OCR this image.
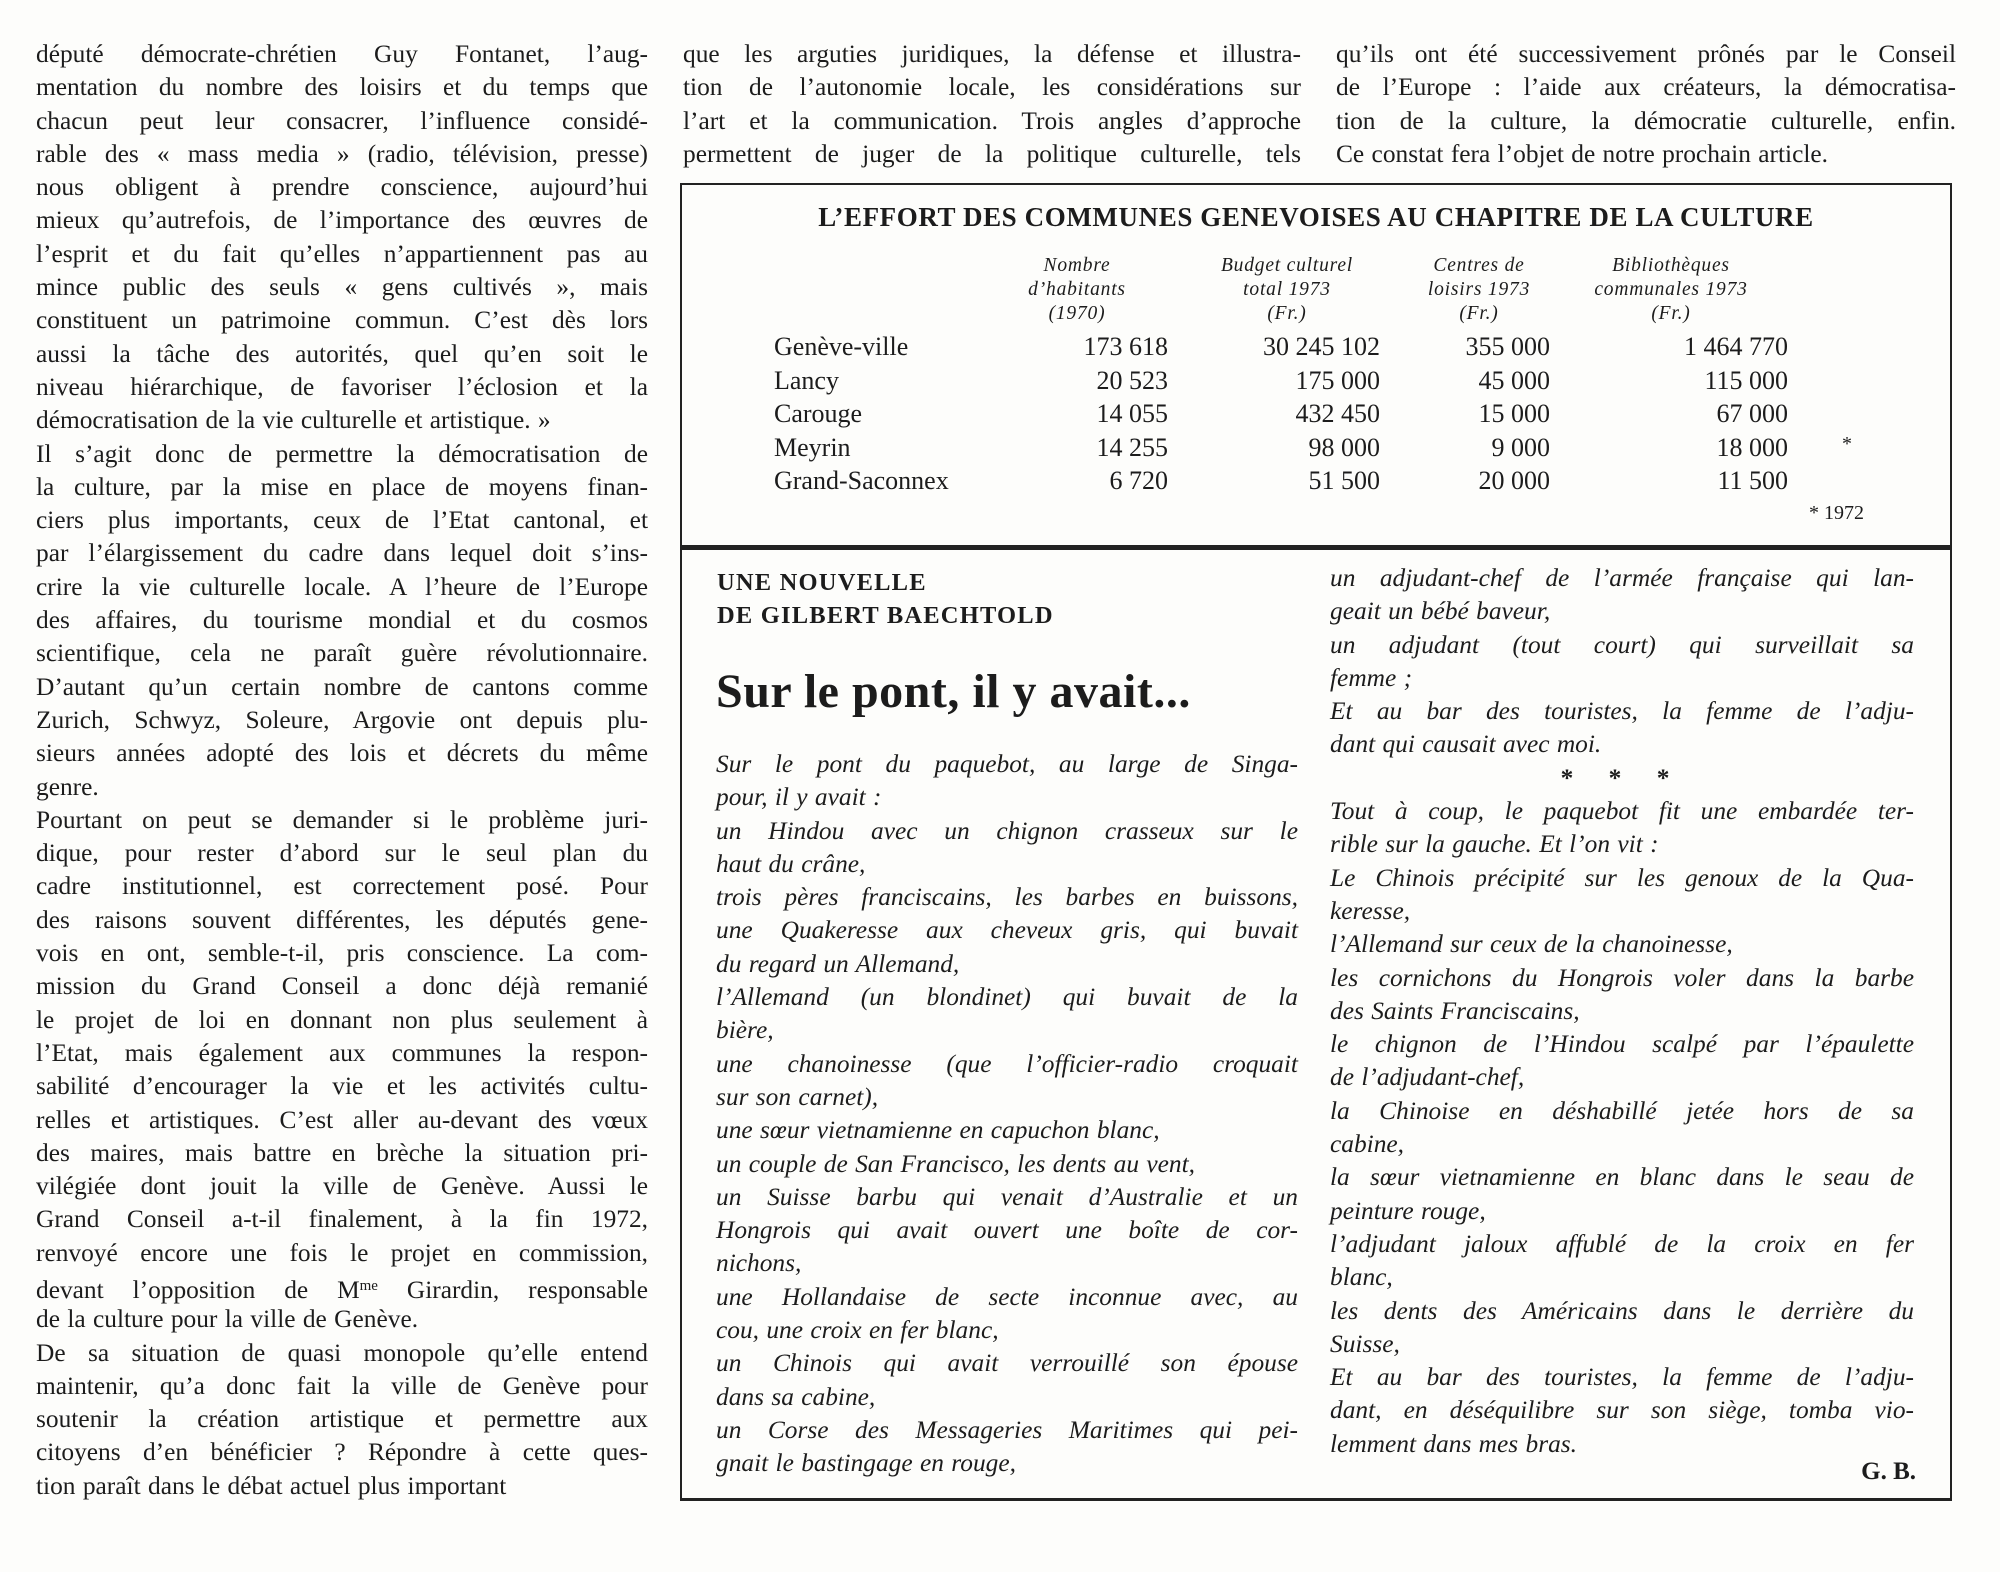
député démocrate-chrétien Guy Fontanet, l’aug-
mentation du nombre des loisirs et du temps que
chacun peut leur consacrer, l’influence considé-
rable des « mass media » (radio, télévision, presse)
nous obligent à prendre conscience, aujourd’hui
mieux qu’autrefois, de l’importance des œuvres de
l’esprit et du fait qu’elles n’appartiennent pas au
mince public des seuls « gens cultivés », mais
constituent un patrimoine commun. C’est dès lors
aussi la tâche des autorités, quel qu’en soit le
niveau hiérarchique, de favoriser l’éclosion et la
démocratisation de la vie culturelle et artistique. »
Il s’agit donc de permettre la démocratisation de
la culture, par la mise en place de moyens finan-
ciers plus importants, ceux de l’Etat cantonal, et
par l’élargissement du cadre dans lequel doit s’ins-
crire la vie culturelle locale. A l’heure de l’Europe
des affaires, du tourisme mondial et du cosmos
scientifique, cela ne paraît guère révolutionnaire.
D’autant qu’un certain nombre de cantons comme
Zurich, Schwyz, Soleure, Argovie ont depuis plu-
sieurs années adopté des lois et décrets du même
genre.
Pourtant on peut se demander si le problème juri-
dique, pour rester d’abord sur le seul plan du
cadre institutionnel, est correctement posé. Pour
des raisons souvent différentes, les députés gene-
vois en ont, semble-t-il, pris conscience. La com-
mission du Grand Conseil a donc déjà remanié
le projet de loi en donnant non plus seulement à
l’Etat, mais également aux communes la respon-
sabilité d’encourager la vie et les activités cultu-
relles et artistiques. C’est aller au-devant des vœux
des maires, mais battre en brèche la situation pri-
vilégiée dont jouit la ville de Genève. Aussi le
Grand Conseil a-t-il finalement, à la fin 1972,
renvoyé encore une fois le projet en commission,
devant l’opposition de $M^{me}$ Girardin, responsable
de la culture pour la ville de Genève.
De sa situation de quasi monopole qu’elle entend
maintenir, qu’a donc fait la ville de Genève pour
soutenir la création artistique et permettre aux
citoyens d’en bénéficier ? Répondre à cette ques-
tion paraît dans le débat actuel plus important
que les arguties juridiques, la défense et illustra-
tion de l’autonomie locale, les considérations sur
l’art et la communication. Trois angles d’approche
permettent de juger de la politique culturelle, tels
qu’ils ont été successivement prônés par le Conseil
de l’Europe : l’aide aux créateurs, la démocratisa-
tion de la culture, la démocratie culturelle, enfin.
Ce constat fera l’objet de notre prochain article.
L’EFFORT DES COMMUNES GENEVOISES AU CHAPITRE DE LA CULTURE
Nombre
d’habitants
(1970)
Budget culturel
total 1973
(Fr.)
Centres de
loisirs 1973
(Fr.)
Bibliothèques
communales 1973
(Fr.)
Genève-ville	173 618	30 245 102	355 000	1 464 770
Lancy	20 523	175 000	45 000	115 000
Carouge	14 055	432 450	15 000	67 000
Meyrin	14 255	98 000	9 000	18 000	*
Grand-Saconnex	6 720	51 500	20 000	11 500
* 1972
UNE NOUVELLE
DE GILBERT BAECHTOLD
Sur le pont, il y avait...
Sur le pont du paquebot, au large de Singa-
pour, il y avait :
un Hindou avec un chignon crasseux sur le
haut du crâne,
trois pères franciscains, les barbes en buissons,
une Quakeresse aux cheveux gris, qui buvait
du regard un Allemand,
l’Allemand (un blondinet) qui buvait de la
bière,
une chanoinesse (que l’officier-radio croquait
sur son carnet),
une sœur vietnamienne en capuchon blanc,
un couple de San Francisco, les dents au vent,
un Suisse barbu qui venait d’Australie et un
Hongrois qui avait ouvert une boîte de cor-
nichons,
une Hollandaise de secte inconnue avec, au
cou, une croix en fer blanc,
un Chinois qui avait verrouillé son épouse
dans sa cabine,
un Corse des Messageries Maritimes qui pei-
gnait le bastingage en rouge,
un adjudant-chef de l’armée française qui lan-
geait un bébé baveur,
un adjudant (tout court) qui surveillait sa
femme ;
Et au bar des touristes, la femme de l’adju-
dant qui causait avec moi.
* * *
Tout à coup, le paquebot fit une embardée ter-
rible sur la gauche. Et l’on vit :
Le Chinois précipité sur les genoux de la Qua-
keresse,
l’Allemand sur ceux de la chanoinesse,
les cornichons du Hongrois voler dans la barbe
des Saints Franciscains,
le chignon de l’Hindou scalpé par l’épaulette
de l’adjudant-chef,
la Chinoise en déshabillé jetée hors de sa
cabine,
la sœur vietnamienne en blanc dans le seau de
peinture rouge,
l’adjudant jaloux affublé de la croix en fer
blanc,
les dents des Américains dans le derrière du
Suisse,
Et au bar des touristes, la femme de l’adju-
dant, en déséquilibre sur son siège, tomba vio-
lemment dans mes bras.
G. B.
